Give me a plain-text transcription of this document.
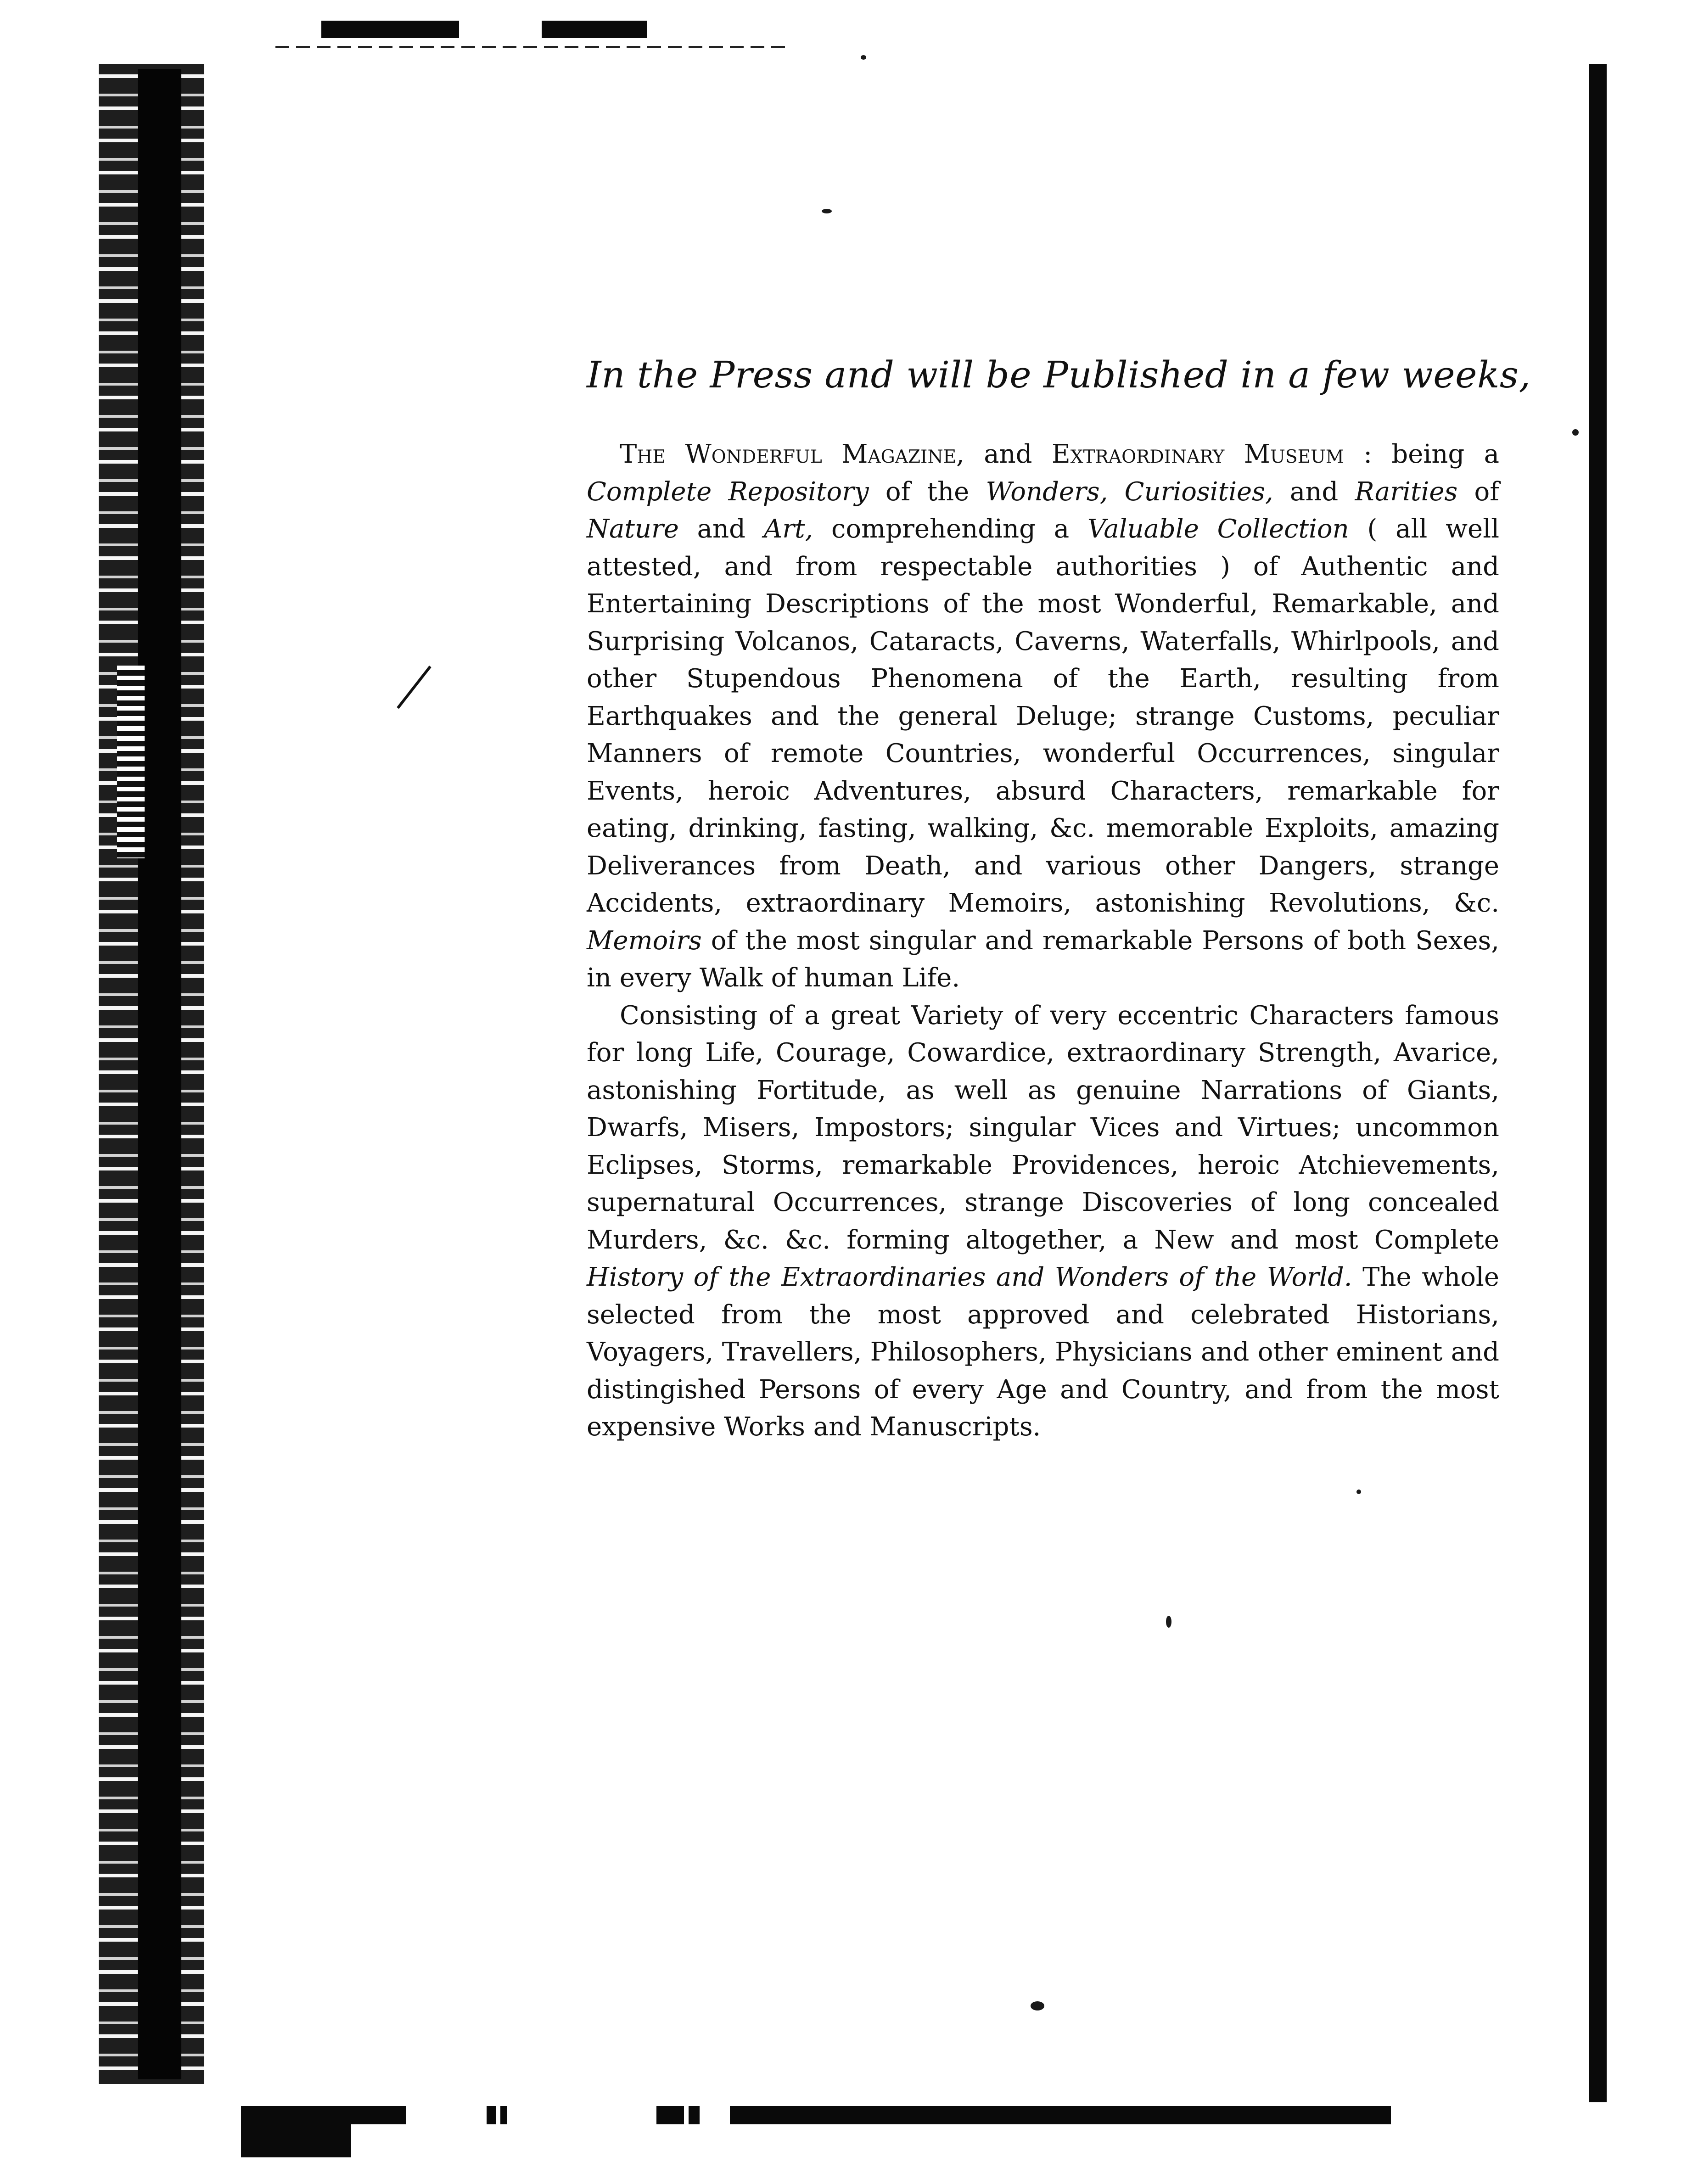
In the Press and will be Published in a few weeks,

The Wonderful Magazine, and Extraordinary Museum : being a Complete Repository of the Wonders, Curiosities, and Rarities of Nature and Art, comprehending a Valuable Collection ( all well attested, and from respectable authorities ) of Authentic and Entertaining Descriptions of the most Wonderful, Remarkable, and Surprising Volcanos, Cataracts, Caverns, Waterfalls, Whirlpools, and other Stupendous Phenomena of the Earth, resulting from Earthquakes and the general Deluge; strange Customs, peculiar Manners of remote Countries, wonderful Occurrences, singular Events, heroic Adventures, absurd Characters, remarkable for eating, drinking, fasting, walking, &c. memorable Exploits, amazing Deliverances from Death, and various other Dangers, strange Accidents, extraordinary Memoirs, astonishing Revolutions, &c. Memoirs of the most singular and remarkable Persons of both Sexes, in every Walk of human Life.

Consisting of a great Variety of very eccentric Characters famous for long Life, Courage, Cowardice, extraordinary Strength, Avarice, astonishing Fortitude, as well as genuine Narrations of Giants, Dwarfs, Misers, Impostors; singular Vices and Virtues; uncommon Eclipses, Storms, remarkable Providences, heroic Atchievements, supernatural Occurrences, strange Discoveries of long concealed Murders, &c. &c. forming altogether, a New and most Complete History of the Extraordinaries and Wonders of the World. The whole selected from the most approved and celebrated Historians, Voyagers, Travellers, Philosophers, Physicians and other eminent and distingished Persons of every Age and Country, and from the most expensive Works and Manuscripts.
